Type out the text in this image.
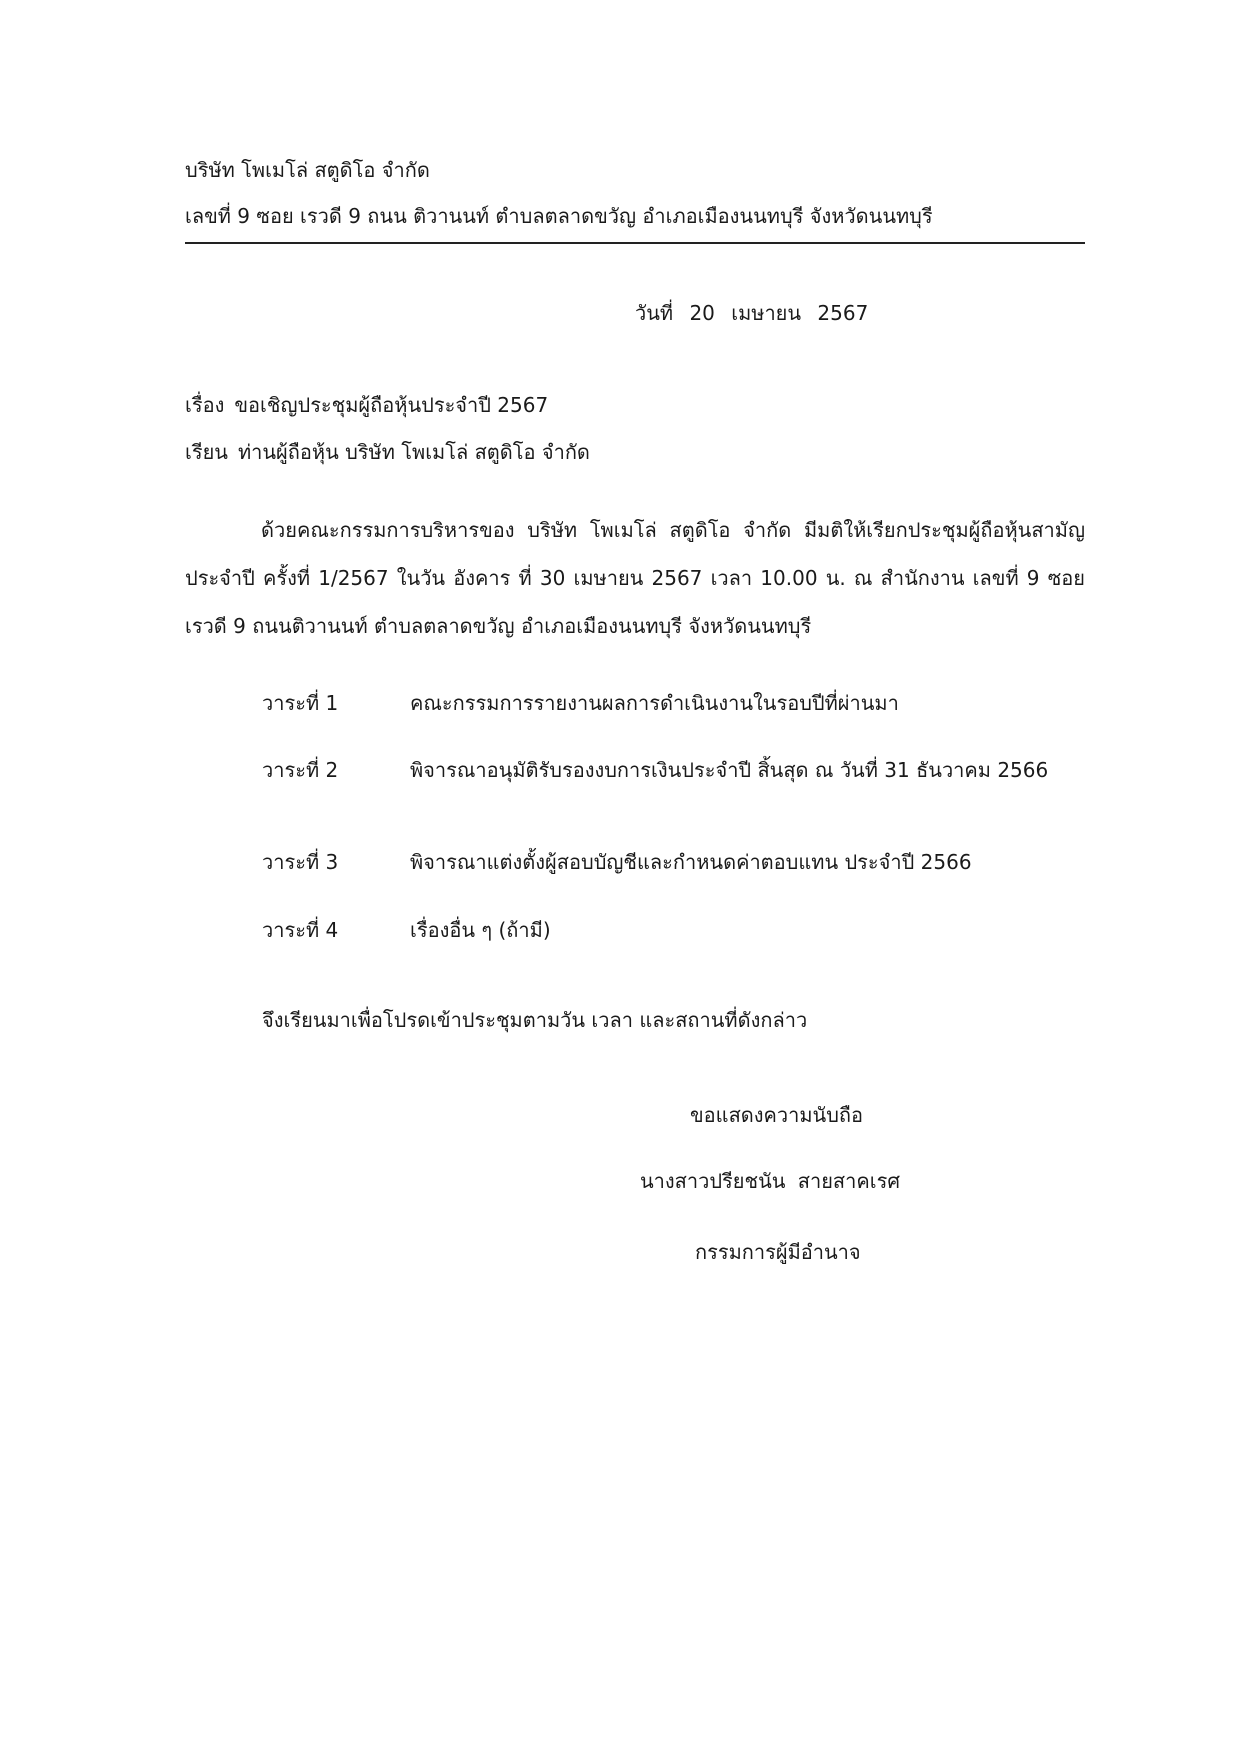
บริษัท โพเมโล่ สตูดิโอ จำกัด
เลขที่ 9 ซอย เรวดี 9 ถนน ติวานนท์ ตำบลตลาดขวัญ อำเภอเมืองนนทบุรี จังหวัดนนทบุรี
วันที่ 20 เมษายน 2567
เรื่อง ขอเชิญประชุมผู้ถือหุ้นประจำปี 2567
เรียน ท่านผู้ถือหุ้น บริษัท โพเมโล่ สตูดิโอ จำกัด
ด้วยคณะกรรมการบริหารของ บริษัท โพเมโล่ สตูดิโอ จำกัด มีมติให้เรียกประชุมผู้ถือหุ้นสามัญประจำปี ครั้งที่ 1/2567 ในวัน อังคาร ที่ 30 เมษายน 2567 เวลา 10.00 น. ณ สำนักงาน เลขที่ 9 ซอยเรวดี 9 ถนนติวานนท์ ตำบลตลาดขวัญ อำเภอเมืองนนทบุรี จังหวัดนนทบุรี
วาระที่ 1	คณะกรรมการรายงานผลการดำเนินงานในรอบปีที่ผ่านมา
วาระที่ 2	พิจารณาอนุมัติรับรองงบการเงินประจำปี สิ้นสุด ณ วันที่ 31 ธันวาคม 2566
วาระที่ 3	พิจารณาแต่งตั้งผู้สอบบัญชีและกำหนดค่าตอบแทน ประจำปี 2566
วาระที่ 4	เรื่องอื่น ๆ (ถ้ามี)
จึงเรียนมาเพื่อโปรดเข้าประชุมตามวัน เวลา และสถานที่ดังกล่าว
ขอแสดงความนับถือ
นางสาวปรียชนัน สายสาคเรศ
กรรมการผู้มีอำนาจ
